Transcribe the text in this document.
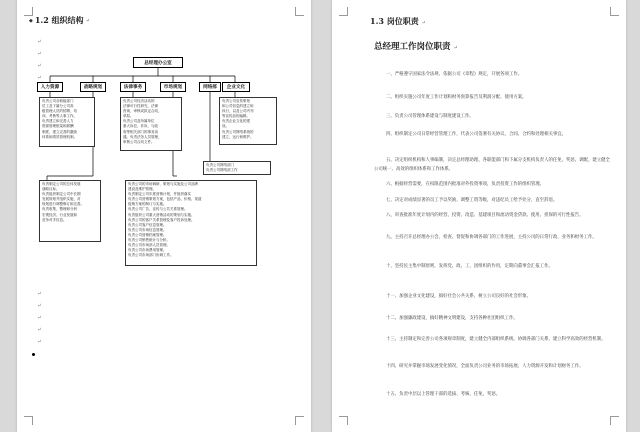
◆ 1.2 组织结构 ↵
↵
↵
↵
↵
↵
↵
↵
↵
↵
总经理办公室
人力资源	战略规划	法律事务	市场规划	网络部 企业文化
负责公司各职能部门
员工及下属分公司高
级管理人员的招聘、培
训、考核等人事工作。
负责建立和完善人力
资源管理框架和薪酬
制度，建立完善的激励
体系和绩效管理机制。
负责公司经济活动的
法律可行性研究，法律
咨询，审核或拟定合同，
草拟。
负责公司及所属单位
重大诉讼、非诉，与政
府等相关部门的事务沟
通。负责法务人员管理，
审核公司合同文件。
负责公司宣传策划
和公司信息的建立和
执行，以及公司内刊
等宣传品的编辑。
负责企业文化的建
设。
负责公司网络系统的
建立、运行和维护。
负责公司网络部门
负责公司网络部工作
负责制定公司的总体发展
战略目标。
负责组织制定公司中长期
发展规划并组织实施，对
规划进行调整修订和完善。
负责收集、整理和分析
宏观经济、行业发展和
竞争对手信息。
负责公司的市场调研、策划与实施及公司品牌
建设及维护管理。
负责制定公司年度营销计划，并组织落实
负责公司营销策划方案，包括产品、价格、渠道
促销方案的制订与实施。
负责公司广告、宣传与公共关系管理。
负责组织公司重大营销活动的策划与实施。
负责公司的客户关系管理及客户投诉处理。
负责公司客户信息管理。
负责公司市场信息管理。
负责公司营销档案管理。
负责公司销售统计与分析。
负责公司市场部人员管理。
负责公司市场费用管理。
负责公司市场部门协调工作。
1.3 岗位职责 ↵
总经理工作岗位职责 ↵
一、严格遵守国家法令法规、依据公司《章程》规定，开展各项工作。
二、组织实施公司年度工作计划和财务预算报告及利润分配、使用方案。
三、负责公司管理体系建设与制度建设工作。
四、组织制定公司日常经营管理工作，代表公司签署有关协议、合同、合约和处理相关事宜。
五、决定组织机构和人事编制，决定总经理助理、各职能部门和下属分支机构负责人的任免、奖惩、调配、建立健全公司统一、高效的组织体系和工作体系。
六、根据经营需要，在权限范围内批准对外投资事项，负责投资工作的组织管理。
七、决定对成绩显著的员工予以奖励、调整工资等级，对违纪员工给予处分，直至辞退。
八、审查批准年度计划内的经营、投资、改造、基建项目和流动资金贷款、使用、担保的可行性报告。
九、主持召开总经理办公会，检查、督促和协调各部门的工作进展，主持公司的日常行政、业务和财务工作。
十、坚持民主集中制原则，发挥党、政、工、团组织的作用，定期向董事会汇报工作。
十一、加强企业文化建设，搞好社会公共关系，树立公司良好的社会形象。
十二、加强廉政建设，搞好精神文明建设，支持各种社团组织工作。
十三、主持制定和完善公司各项规章制度，建立健全内部组织系统，协调各部门关系，建立科学高效的经营机制。
十四、研究并掌握市场发展变化情况，全面负责公司业务的市场拓展、人力资源开发和计划财务工作。
十五、负责中层以上管理干部的选拔、考核、任免、奖惩。
